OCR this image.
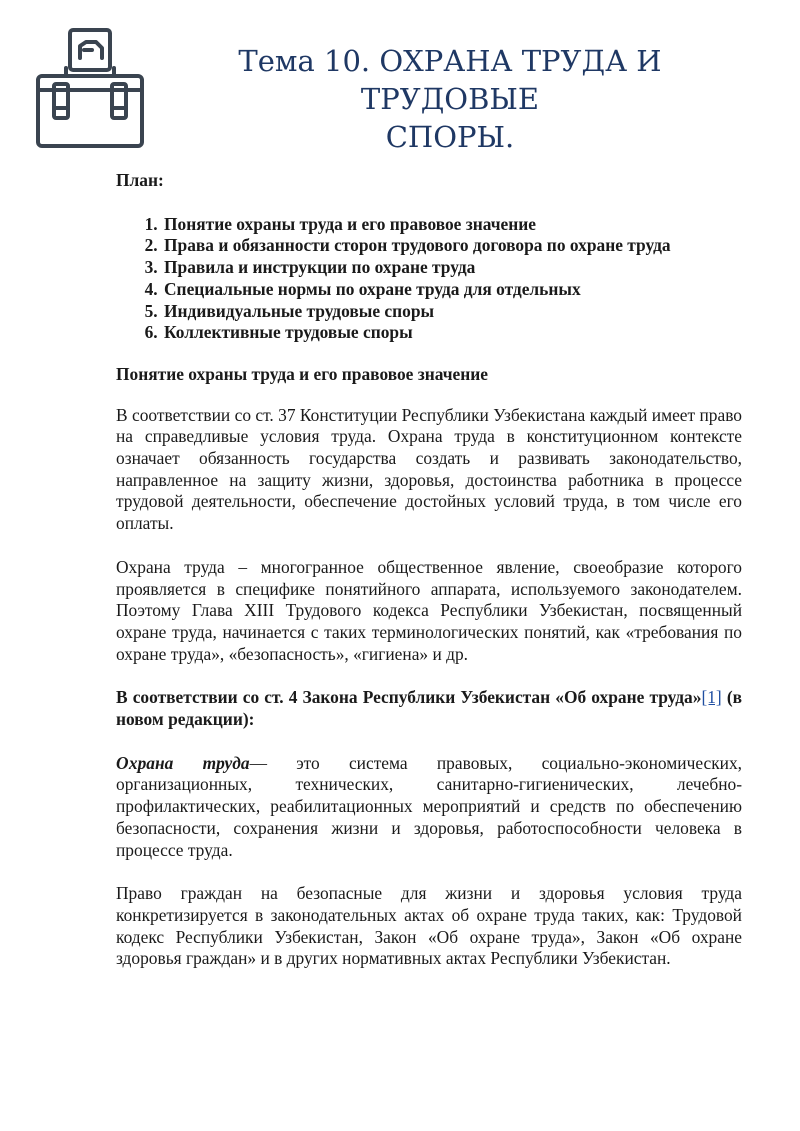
Тема 10. ОХРАНА ТРУДА И ТРУДОВЫЕ
СПОРЫ.
План:
1. Понятие охраны труда и его правовое значение
2. Права и обязанности сторон трудового договора по охране труда
3. Правила и инструкции по охране труда
4. Специальные нормы по охране труда для отдельных
5. Индивидуальные трудовые споры
6. Коллективные трудовые споры
Понятие охраны труда и его правовое значение

В соответствии со ст. 37 Конституции Республики Узбекистана каждый имеет право на справедливые условия труда. Охрана труда в конституционном контексте означает обязанность государства создать и развивать законодательство, направленное на защиту жизни, здоровья, достоинства работника в процессе трудовой деятельности, обеспечение достойных условий труда, в том числе его оплаты.

Охрана труда – многогранное общественное явление, своеобразие которого проявляется в специфике понятийного аппарата, используемого законодателем. Поэтому Глава XIII Трудового кодекса Республики Узбекистан, посвященный охране труда, начинается с таких терминологических понятий, как «требования по охране труда», «безопасность», «гигиена» и др.

В соответствии со ст. 4 Закона Республики Узбекистан «Об охране труда»[1] (в новом редакции):

Охрана труда— это система правовых, социально-экономических, организационных, технических, санитарно-гигиенических, лечебно-профилактических, реабилитационных мероприятий и средств по обеспечению безопасности, сохранения жизни и здоровья, работоспособности человека в процессе труда.

Право граждан на безопасные для жизни и здоровья условия труда конкретизируется в законодательных актах об охране труда таких, как: Трудовой кодекс Республики Узбекистан, Закон «Об охране труда», Закон «Об охране здоровья граждан» и в других нормативных актах Республики Узбекистан.
